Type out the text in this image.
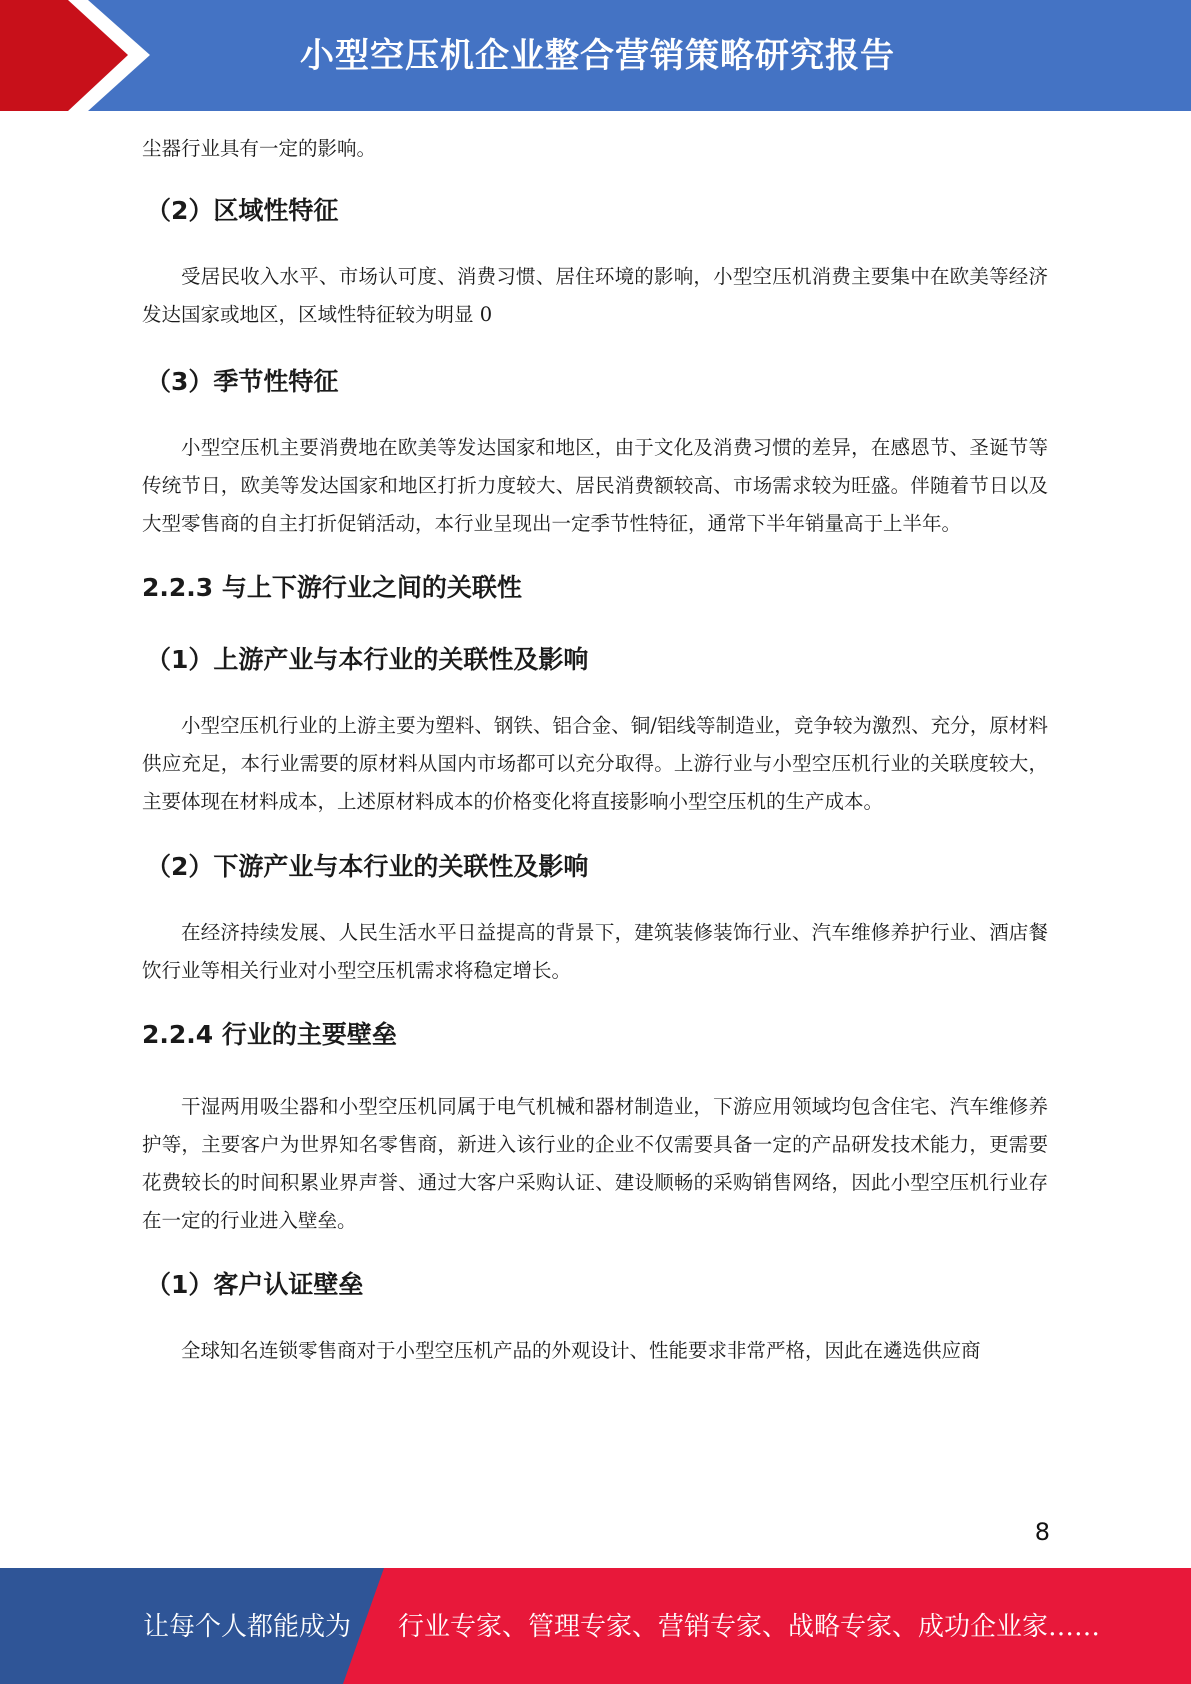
小型空压机企业整合营销策略研究报告

尘器行业具有一定的影响。

（2）区域性特征

受居民收入水平、市场认可度、消费习惯、居住环境的影响，小型空压机消费主要集中在欧美等经济发达国家或地区，区域性特征较为明显 0

（3）季节性特征

小型空压机主要消费地在欧美等发达国家和地区，由于文化及消费习惯的差异，在感恩节、圣诞节等传统节日，欧美等发达国家和地区打折力度较大、居民消费额较高、市场需求较为旺盛。伴随着节日以及大型零售商的自主打折促销活动，本行业呈现出一定季节性特征，通常下半年销量高于上半年。

2.2.3 与上下游行业之间的关联性
（1）上游产业与本行业的关联性及影响

小型空压机行业的上游主要为塑料、钢铁、铝合金、铜/铝线等制造业，竞争较为激烈、充分，原材料供应充足，本行业需要的原材料从国内市场都可以充分取得。上游行业与小型空压机行业的关联度较大，主要体现在材料成本，上述原材料成本的价格变化将直接影响小型空压机的生产成本。

（2）下游产业与本行业的关联性及影响

在经济持续发展、人民生活水平日益提高的背景下，建筑装修装饰行业、汽车维修养护行业、酒店餐饮行业等相关行业对小型空压机需求将稳定增长。

2.2.4 行业的主要壁垒

干湿两用吸尘器和小型空压机同属于电气机械和器材制造业，下游应用领域均包含住宅、汽车维修养护等，主要客户为世界知名零售商，新进入该行业的企业不仅需要具备一定的产品研发技术能力，更需要花费较长的时间积累业界声誉、通过大客户采购认证、建设顺畅的采购销售网络，因此小型空压机行业存在一定的行业进入壁垒。

（1）客户认证壁垒

全球知名连锁零售商对于小型空压机产品的外观设计、性能要求非常严格，因此在遴选供应商

8
让每个人都能成为 行业专家、管理专家、营销专家、战略专家、成功企业家……
